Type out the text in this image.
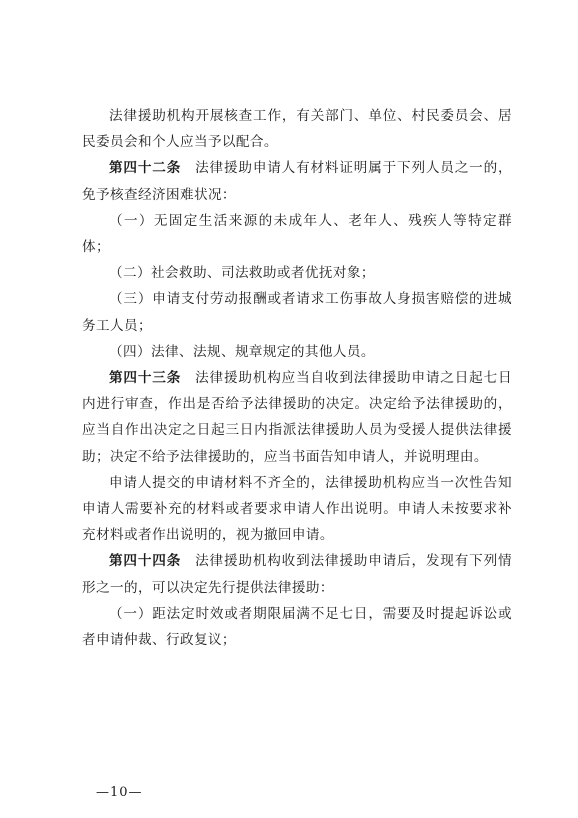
法律援助机构开展核查工作，有关部门、单位、村民委员会、居民委员会和个人应当予以配合。

第四十二条 法律援助申请人有材料证明属于下列人员之一的，免予核查经济困难状况：

（一）无固定生活来源的未成年人、老年人、残疾人等特定群体；

（二）社会救助、司法救助或者优抚对象；

（三）申请支付劳动报酬或者请求工伤事故人身损害赔偿的进城务工人员；

（四）法律、法规、规章规定的其他人员。

第四十三条 法律援助机构应当自收到法律援助申请之日起七日内进行审查，作出是否给予法律援助的决定。决定给予法律援助的，应当自作出决定之日起三日内指派法律援助人员为受援人提供法律援助；决定不给予法律援助的，应当书面告知申请人，并说明理由。

申请人提交的申请材料不齐全的，法律援助机构应当一次性告知申请人需要补充的材料或者要求申请人作出说明。申请人未按要求补充材料或者作出说明的，视为撤回申请。

第四十四条 法律援助机构收到法律援助申请后，发现有下列情形之一的，可以决定先行提供法律援助：

（一）距法定时效或者期限届满不足七日，需要及时提起诉讼或者申请仲裁、行政复议；

—10—
